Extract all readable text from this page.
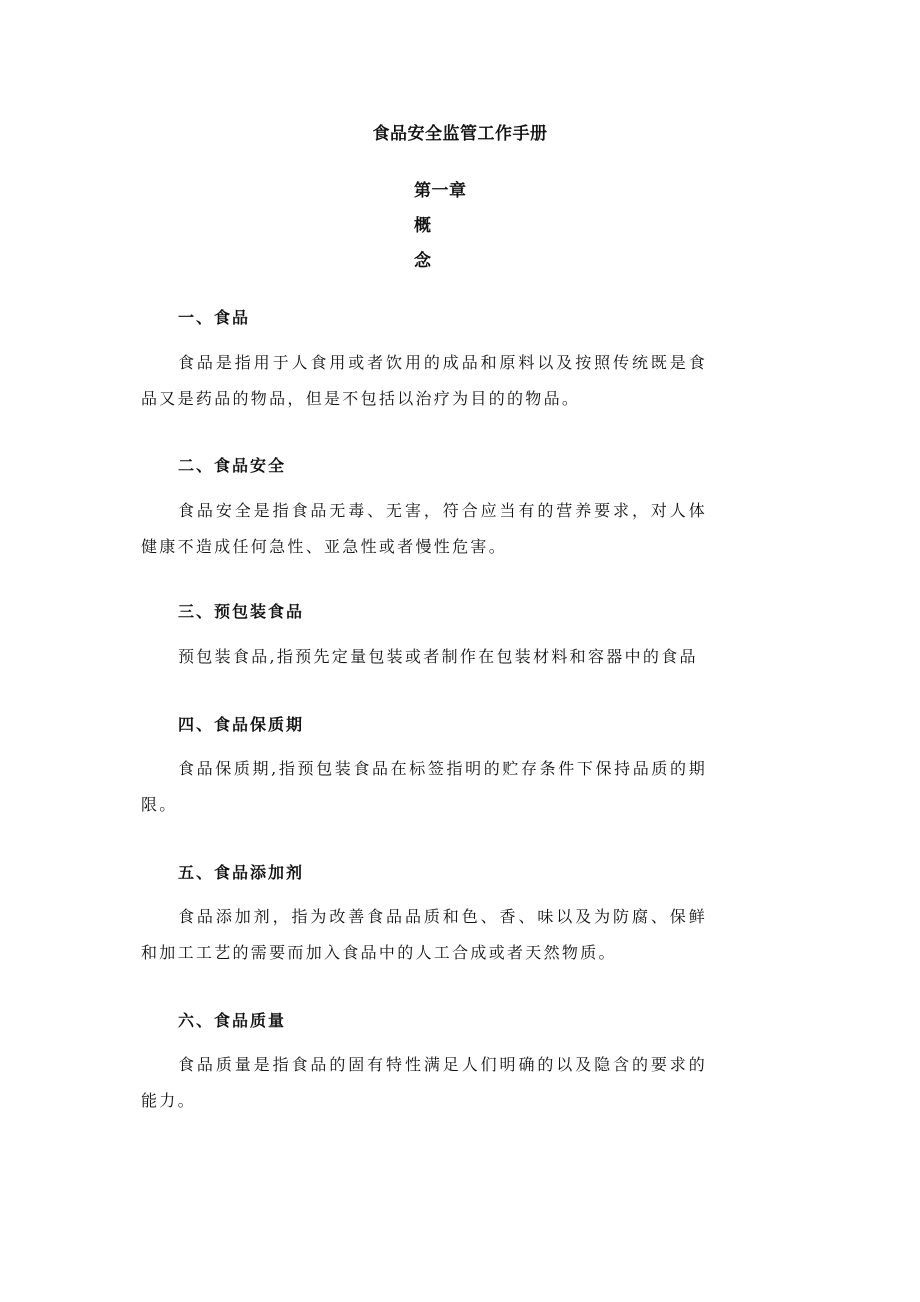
食品安全监管工作手册
第一章
概
念
一、食品

食品是指用于人食用或者饮用的成品和原料以及按照传统既是食品又是药品的物品，但是不包括以治疗为目的的物品。

二、食品安全

食品安全是指食品无毒、无害，符合应当有的营养要求，对人体健康不造成任何急性、亚急性或者慢性危害。

三、预包装食品

预包装食品,指预先定量包装或者制作在包装材料和容器中的食品

四、食品保质期

食品保质期,指预包装食品在标签指明的贮存条件下保持品质的期限。

五、食品添加剂

食品添加剂，指为改善食品品质和色、香、味以及为防腐、保鲜和加工工艺的需要而加入食品中的人工合成或者天然物质。

六、食品质量

食品质量是指食品的固有特性满足人们明确的以及隐含的要求的能力。
